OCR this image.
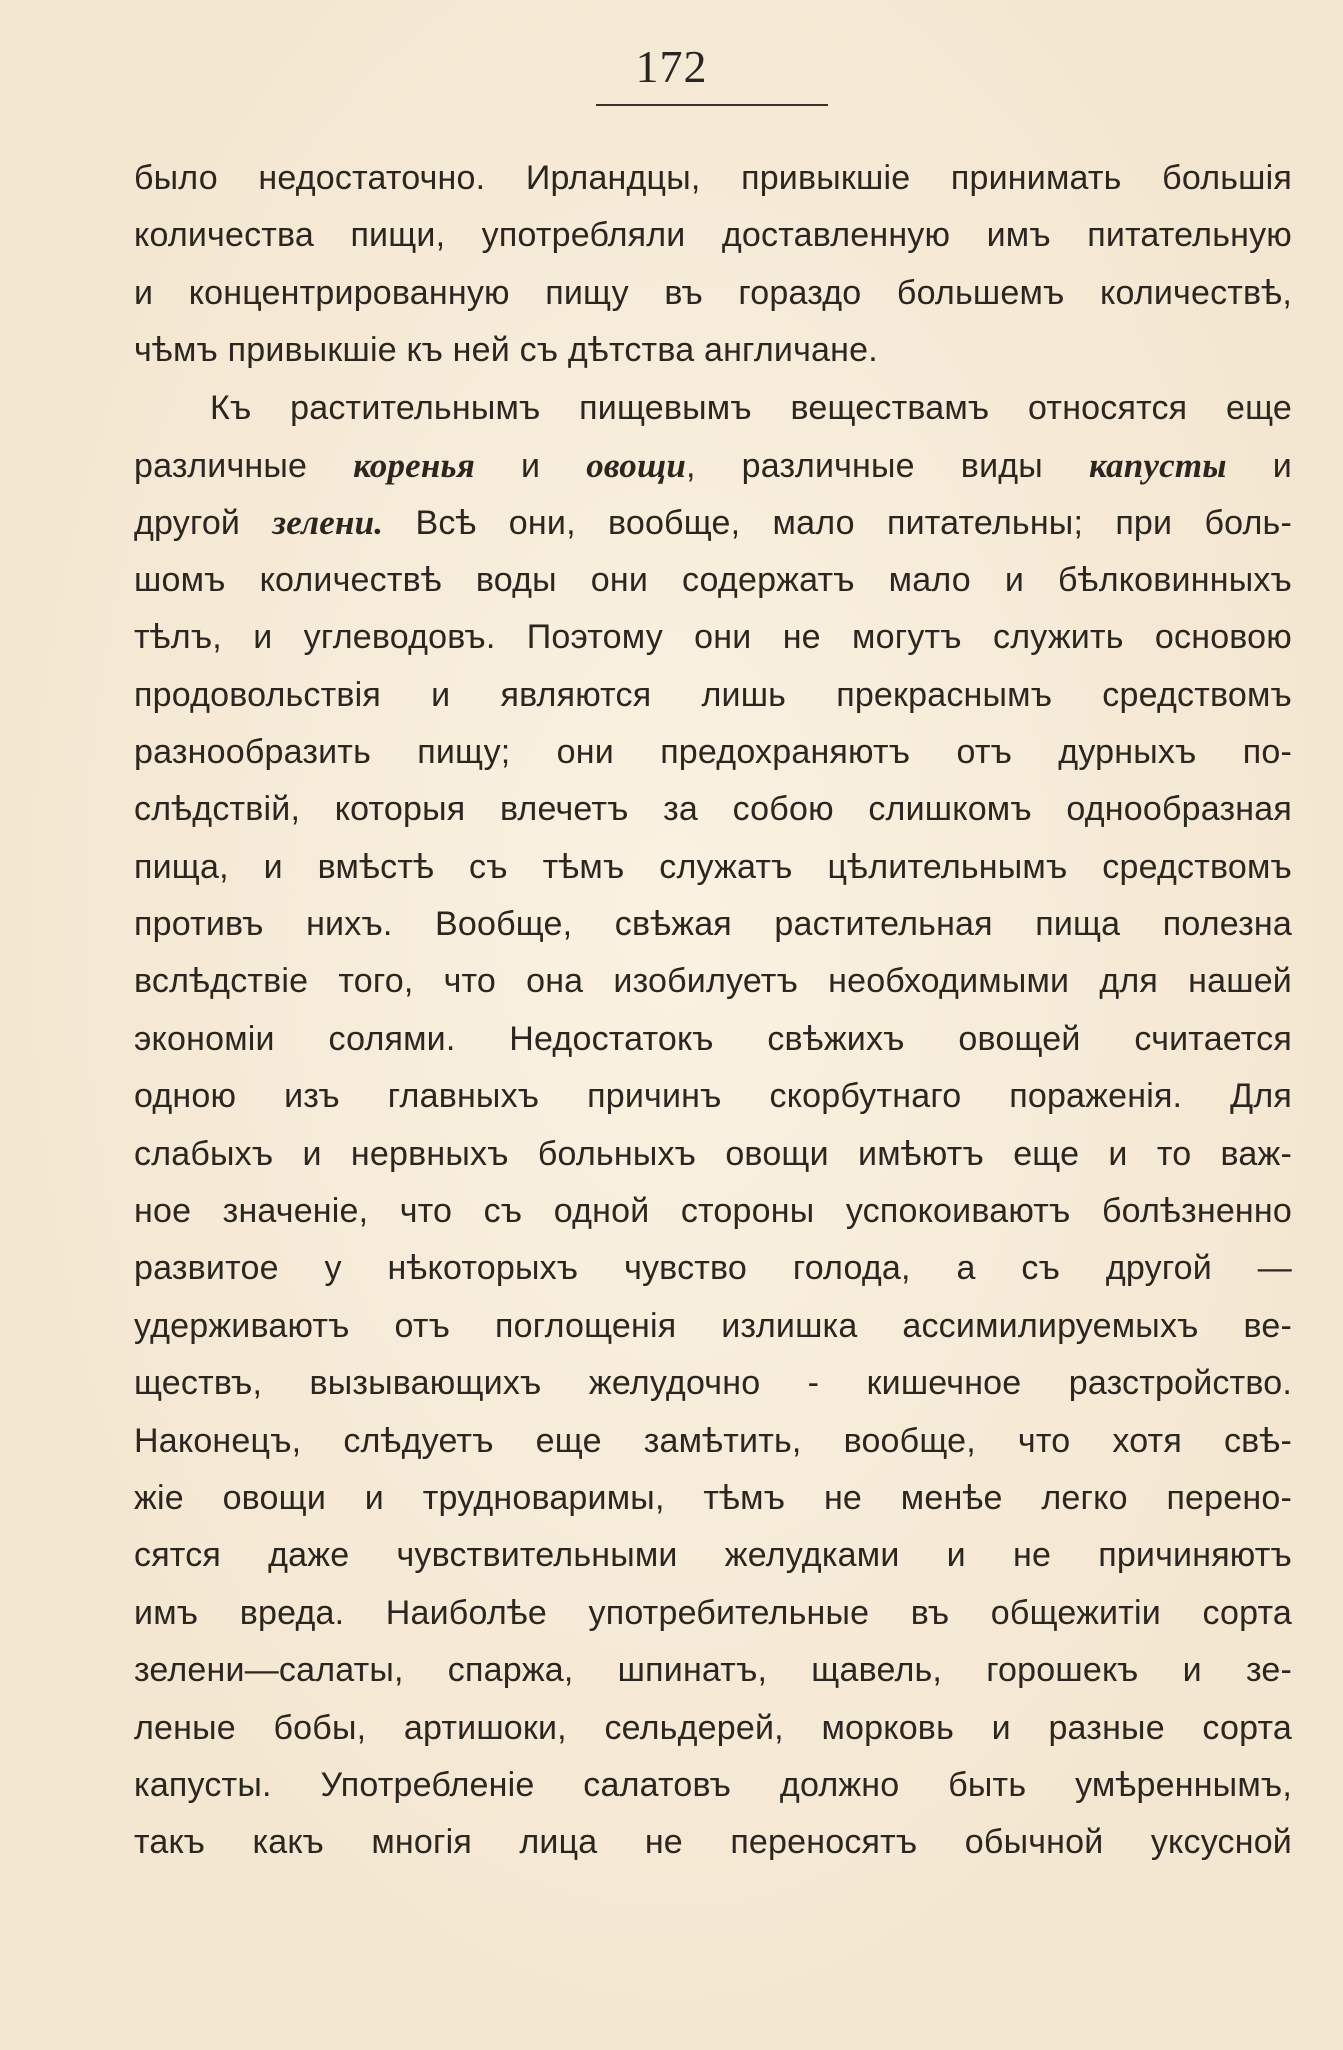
172
было недостаточно. Ирландцы, привыкшіе принимать большія
количества пищи, употребляли доставленную имъ питательную
и концентрированную пищу въ гораздо большемъ количествѣ,
чѣмъ привыкшіе къ ней съ дѣтства англичане.
Къ растительнымъ пищевымъ веществамъ относятся еще
различные коренья и овощи, различные виды капусты и
другой зелени. Всѣ они, вообще, мало питательны; при боль-
шомъ количествѣ воды они содержатъ мало и бѣлковинныхъ
тѣлъ, и углеводовъ. Поэтому они не могутъ служить основою
продовольствія и являются лишь прекраснымъ средствомъ
разнообразить пищу; они предохраняютъ отъ дурныхъ по-
слѣдствій, которыя влечетъ за собою слишкомъ однообразная
пища, и вмѣстѣ съ тѣмъ служатъ цѣлительнымъ средствомъ
противъ нихъ. Вообще, свѣжая растительная пища полезна
вслѣдствіе того, что она изобилуетъ необходимыми для нашей
экономіи солями. Недостатокъ свѣжихъ овощей считается
одною изъ главныхъ причинъ скорбутнаго пораженія. Для
слабыхъ и нервныхъ больныхъ овощи имѣютъ еще и то важ-
ное значеніе, что съ одной стороны успокоиваютъ болѣзненно
развитое у нѣкоторыхъ чувство голода, а съ другой —
удерживаютъ отъ поглощенія излишка ассимилируемыхъ ве-
ществъ, вызывающихъ желудочно - кишечное разстройство.
Наконецъ, слѣдуетъ еще замѣтить, вообще, что хотя свѣ-
жіе овощи и трудноваримы, тѣмъ не менѣе легко перено-
сятся даже чувствительными желудками и не причиняютъ
имъ вреда. Наиболѣе употребительные въ общежитіи сорта
зелени—салаты, спаржа, шпинатъ, щавель, горошекъ и зе-
леные бобы, артишоки, сельдерей, морковь и разные сорта
капусты. Употребленіе салатовъ должно быть умѣреннымъ,
такъ какъ многія лица не переносятъ обычной уксусной
